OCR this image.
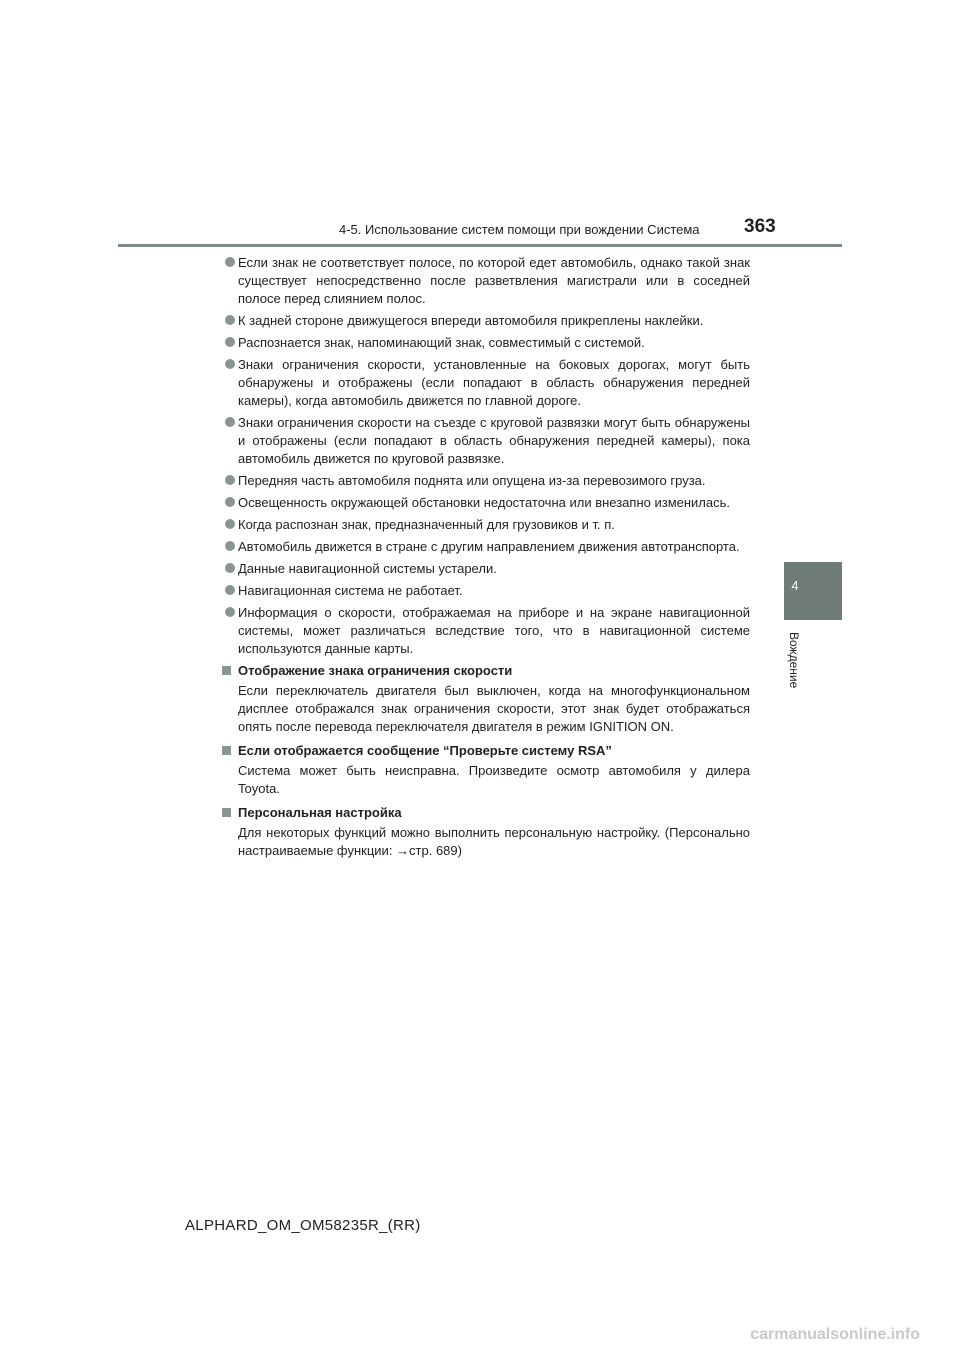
4-5. Использование систем помощи при вождении Система 363
4
Вождение
Если знак не соответствует полосе, по которой едет автомобиль, однако такой знак существует непосредственно после разветвления магистрали или в соседней полосе перед слиянием полос.
К задней стороне движущегося впереди автомобиля прикреплены наклейки.
Распознается знак, напоминающий знак, совместимый с системой.
Знаки ограничения скорости, установленные на боковых дорогах, могут быть обнаружены и отображены (если попадают в область обнаружения передней камеры), когда автомобиль движется по главной дороге.
Знаки ограничения скорости на съезде с круговой развязки могут быть обнаружены и отображены (если попадают в область обнаружения передней камеры), пока автомобиль движется по круговой развязке.
Передняя часть автомобиля поднята или опущена из-за перевозимого груза.
Освещенность окружающей обстановки недостаточна или внезапно изменилась.
Когда распознан знак, предназначенный для грузовиков и т. п.
Автомобиль движется в стране с другим направлением движения автотранспорта.
Данные навигационной системы устарели.
Навигационная система не работает.
Информация о скорости, отображаемая на приборе и на экране навигационной системы, может различаться вследствие того, что в навигационной системе используются данные карты.
Отображение знака ограничения скорости
Если переключатель двигателя был выключен, когда на многофункциональном дисплее отображался знак ограничения скорости, этот знак будет отображаться опять после перевода переключателя двигателя в режим IGNITION ON.
Если отображается сообщение “Проверьте систему RSA”
Система может быть неисправна. Произведите осмотр автомобиля у дилера Toyota.
Персональная настройка
Для некоторых функций можно выполнить персональную настройку. (Персонально настраиваемые функции: →стр. 689)
ALPHARD_OM_OM58235R_(RR)
carmanualsonline.info
